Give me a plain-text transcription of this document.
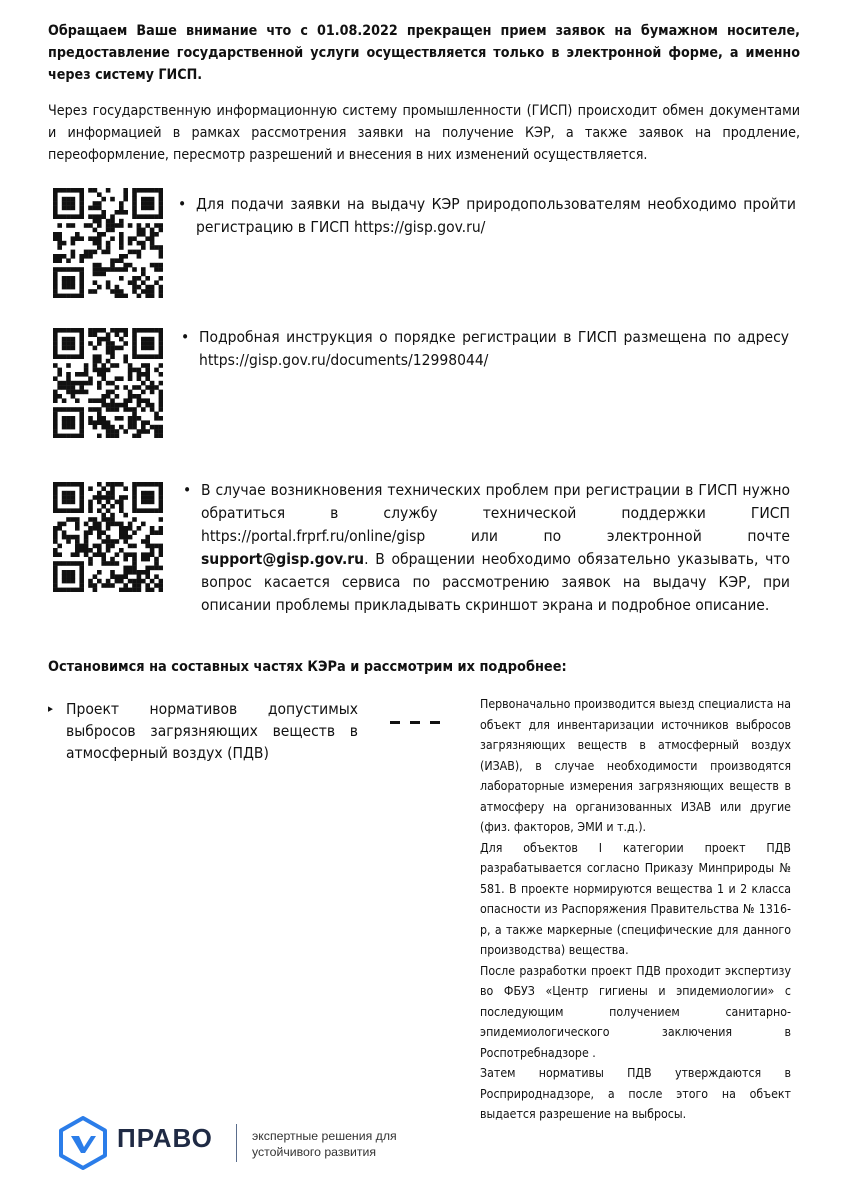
Обращаем Ваше внимание что с 01.08.2022 прекращен прием заявок на бумажном носителе, предоставление государственной услуги осуществляется только в электронной форме, а именно через систему ГИСП.
Через государственную информационную систему промышленности (ГИСП) происходит обмен документами и информацией в рамках рассмотрения заявки на получение КЭР, а также заявок на продление, переоформление, пересмотр разрешений и внесения в них изменений осуществляется.
• Для подачи заявки на выдачу КЭР природопользователям необходимо пройти регистрацию в ГИСП https://gisp.gov.ru/
• Подробная инструкция о порядке регистрации в ГИСП размещена по адресу https://gisp.gov.ru/documents/12998044/
• В случае возникновения технических проблем при регистрации в ГИСП нужно обратиться в службу технической поддержки ГИСП https://portal.frprf.ru/online/gisp или по электронной почте support@gisp.gov.ru. В обращении необходимо обязательно указывать, что вопрос касается сервиса по рассмотрению заявок на выдачу КЭР, при описании проблемы прикладывать скриншот экрана и подробное описание.
Остановимся на составных частях КЭРа и рассмотрим их подробнее:
▸ Проект нормативов допустимых выбросов загрязняющих веществ в атмосферный воздух (ПДВ)

Первоначально производится выезд специалиста на объект для инвентаризации источников выбросов загрязняющих веществ в атмосферный воздух (ИЗАВ), в случае необходимости производятся лабораторные измерения загрязняющих веществ в атмосферу на организованных ИЗАВ или другие (физ. факторов, ЭМИ и т.д.).

Для объектов I категории проект ПДВ разрабатывается согласно Приказу Минприроды № 581. В проекте нормируются вещества 1 и 2 класса опасности из Распоряжения Правительства № 1316-р, а также маркерные (специфические для данного производства) вещества.

После разработки проект ПДВ проходит экспертизу во ФБУЗ «Центр гигиены и эпидемиологии» с последующим получением санитарно-эпидемиологического заключения в Роспотребнадзоре .

Затем нормативы ПДВ утверждаются в Росприроднадзоре, а после этого на объект выдается разрешение на выбросы.

ПРАВО	экспертные решения для
устойчивого развития
